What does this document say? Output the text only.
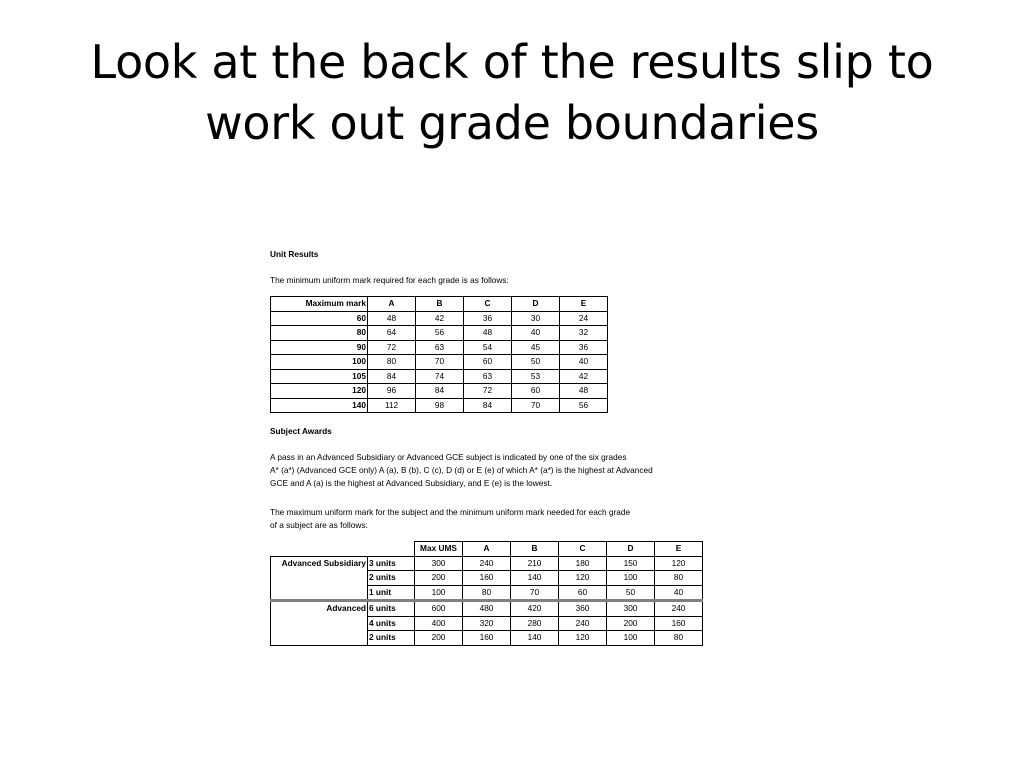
Look at the back of the results slip to work out grade boundaries
Unit Results
The minimum uniform mark required for each grade is as follows:
Maximum mark	A	B	C	D	E
60	48	42	36	30	24
80	64	56	48	40	32
90	72	63	54	45	36
100	80	70	60	50	40
105	84	74	63	53	42
120	96	84	72	60	48
140	112	98	84	70	56
Subject Awards
A pass in an Advanced Subsidiary or Advanced GCE subject is indicated by one of the six grades
A* (a*) (Advanced GCE only) A (a), B (b), C (c), D (d) or E (e) of which A* (a*) is the highest at Advanced
GCE and A (a) is the highest at Advanced Subsidiary, and E (e) is the lowest.
The maximum uniform mark for the subject and the minimum uniform mark needed for each grade
of a subject are as follows:
		Max UMS	A	B	C	D	E
Advanced Subsidiary	3 units	300	240	210	180	150	120
	2 units	200	160	140	120	100	80
	1 unit	100	80	70	60	50	40
Advanced	6 units	600	480	420	360	300	240
	4 units	400	320	280	240	200	160
	2 units	200	160	140	120	100	80
